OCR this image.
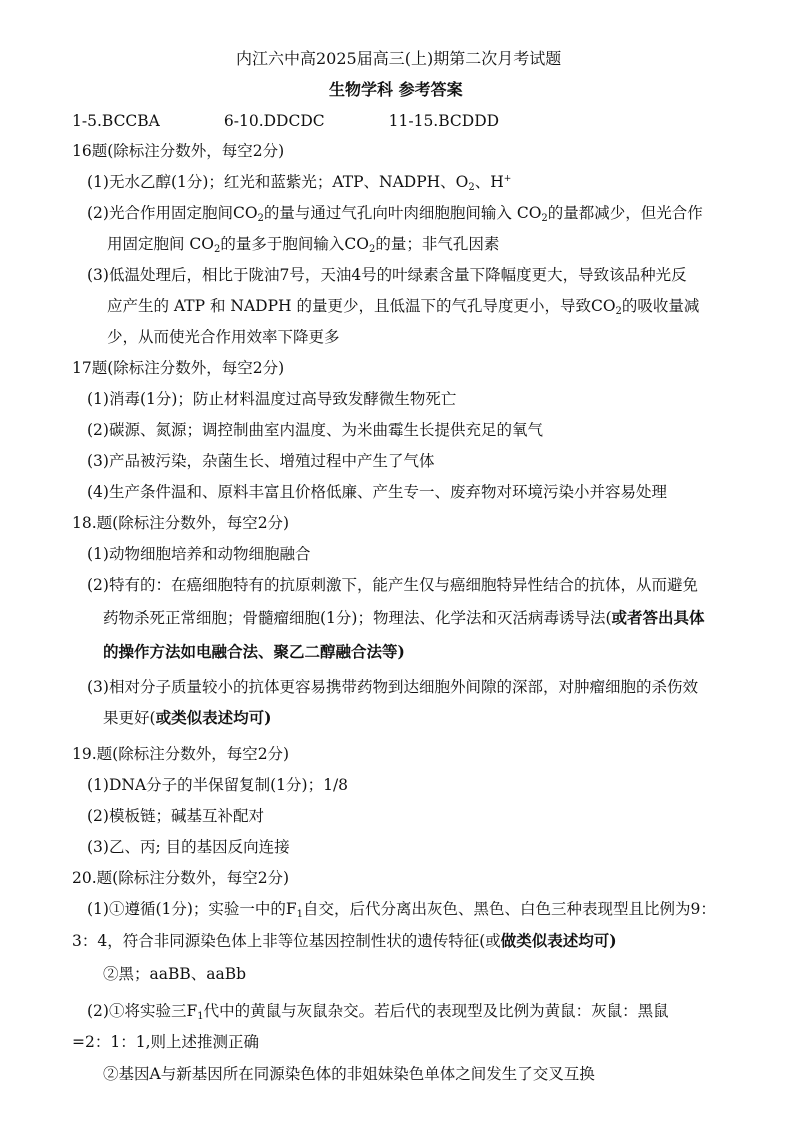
内江六中高2025届高三(上)期第二次月考试题
生物学科 参考答案
1-5.BCCBA	6-10.DDCDC	11-15.BCDDD
16题(除标注分数外，每空2分)
(1)无水乙醇(1分)；红光和蓝紫光；ATP、NADPH、$O_2$、H+
(2)光合作用固定胞间$CO_2$的量与通过气孔向叶肉细胞胞间输入 $CO_2$的量都减少，但光合作
用固定胞间 $CO_2$的量多于胞间输入$CO_2$的量；非气孔因素
(3)低温处理后，相比于陇油7号，天油4号的叶绿素含量下降幅度更大，导致该品种光反
应产生的 ATP 和 NADPH 的量更少，且低温下的气孔导度更小，导致$CO_2$的吸收量减
少，从而使光合作用效率下降更多
17题(除标注分数外，每空2分)
(1)消毒(1分)；防止材料温度过高导致发酵微生物死亡
(2)碳源、氮源；调控制曲室内温度、为米曲霉生长提供充足的氧气
(3)产品被污染，杂菌生长、增殖过程中产生了气体
(4)生产条件温和、原料丰富且价格低廉、产生专一、废弃物对环境污染小并容易处理
18.题(除标注分数外，每空2分)
(1)动物细胞培养和动物细胞融合
(2)特有的：在癌细胞特有的抗原刺激下，能产生仅与癌细胞特异性结合的抗体，从而避免
药物杀死正常细胞；骨髓瘤细胞(1分)；物理法、化学法和灭活病毒诱导法(或者答出具体
的操作方法如电融合法、聚乙二醇融合法等)
(3)相对分子质量较小的抗体更容易携带药物到达细胞外间隙的深部，对肿瘤细胞的杀伤效
果更好(或类似表述均可)
19.题(除标注分数外，每空2分)
(1)DNA分子的半保留复制(1分)；1/8
(2)模板链；碱基互补配对
(3)乙、丙; 目的基因反向连接
20.题(除标注分数外，每空2分)
(1)①遵循(1分)；实验一中的$F_1$自交，后代分离出灰色、黑色、白色三种表现型且比例为9：
3：4，符合非同源染色体上非等位基因控制性状的遗传特征(或做类似表述均可)
②黑；aaBB、aaBb
(2)①将实验三$F_1$代中的黄鼠与灰鼠杂交。若后代的表现型及比例为黄鼠：灰鼠：黑鼠
=2：1：1,则上述推测正确
②基因A与新基因所在同源染色体的非姐妹染色单体之间发生了交叉互换
